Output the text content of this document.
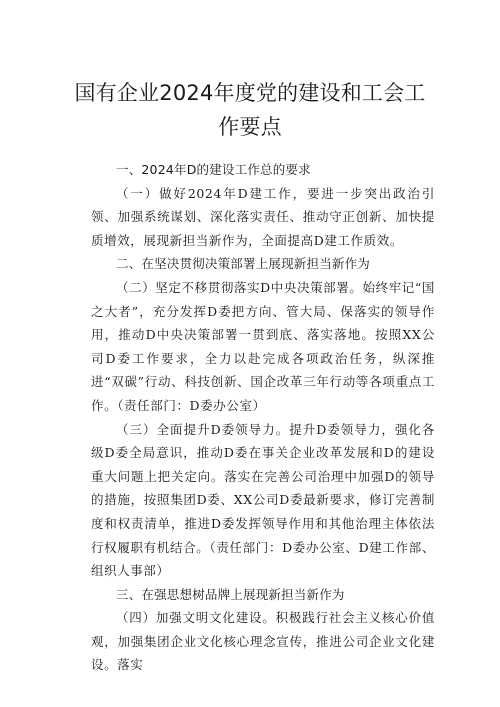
国有企业2024年度党的建设和工会工作要点
一、2024年D的建设工作总的要求

（一）做好2024年D建工作，要进一步突出政治引领、加强系统谋划、深化落实责任、推动守正创新、加快提质增效，展现新担当新作为，全面提高D建工作质效。

二、在坚决贯彻决策部署上展现新担当新作为

（二）坚定不移贯彻落实D中央决策部署。始终牢记“国之大者”，充分发挥D委把方向、管大局、保落实的领导作用，推动D中央决策部署一贯到底、落实落地。按照XX公司D委工作要求，全力以赴完成各项政治任务，纵深推进“双碳”行动、科技创新、国企改革三年行动等各项重点工作。（责任部门：D委办公室）

（三）全面提升D委领导力。提升D委领导力，强化各级D委全局意识，推动D委在事关企业改革发展和D的建设重大问题上把关定向。落实在完善公司治理中加强D的领导的措施，按照集团D委、XX公司D委最新要求，修订完善制度和权责清单，推进D委发挥领导作用和其他治理主体依法行权履职有机结合。（责任部门：D委办公室、D建工作部、组织人事部）

三、在强思想树品牌上展现新担当新作为

（四）加强文明文化建设。积极践行社会主义核心价值观，加强集团企业文化核心理念宣传，推进公司企业文化建设。落实
